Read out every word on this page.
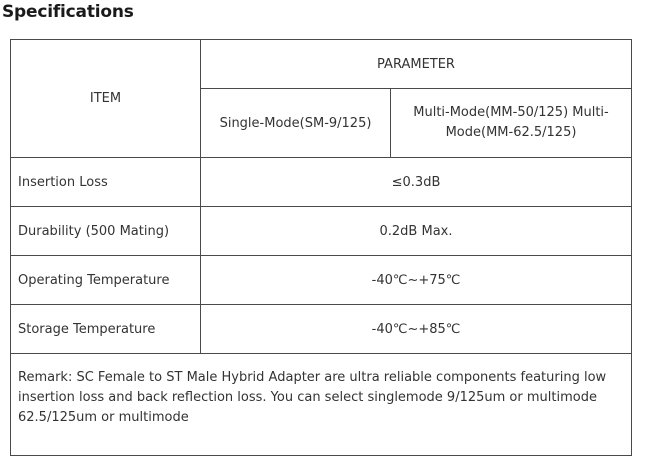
Specifications
ITEM	PARAMETER	
	Single-Mode(SM-9/125)	Multi-Mode(MM-50/125) Multi-Mode(MM-62.5/125)
Insertion Loss	≤0.3dB	
Durability (500 Mating)	0.2dB Max.	
Operating Temperature	-40℃~+75℃	
Storage Temperature	-40℃~+85℃	
Remark: SC Female to ST Male Hybrid Adapter are ultra reliable components featuring low insertion loss and back reflection loss. You can select singlemode 9/125um or multimode 62.5/125um or multimode		
